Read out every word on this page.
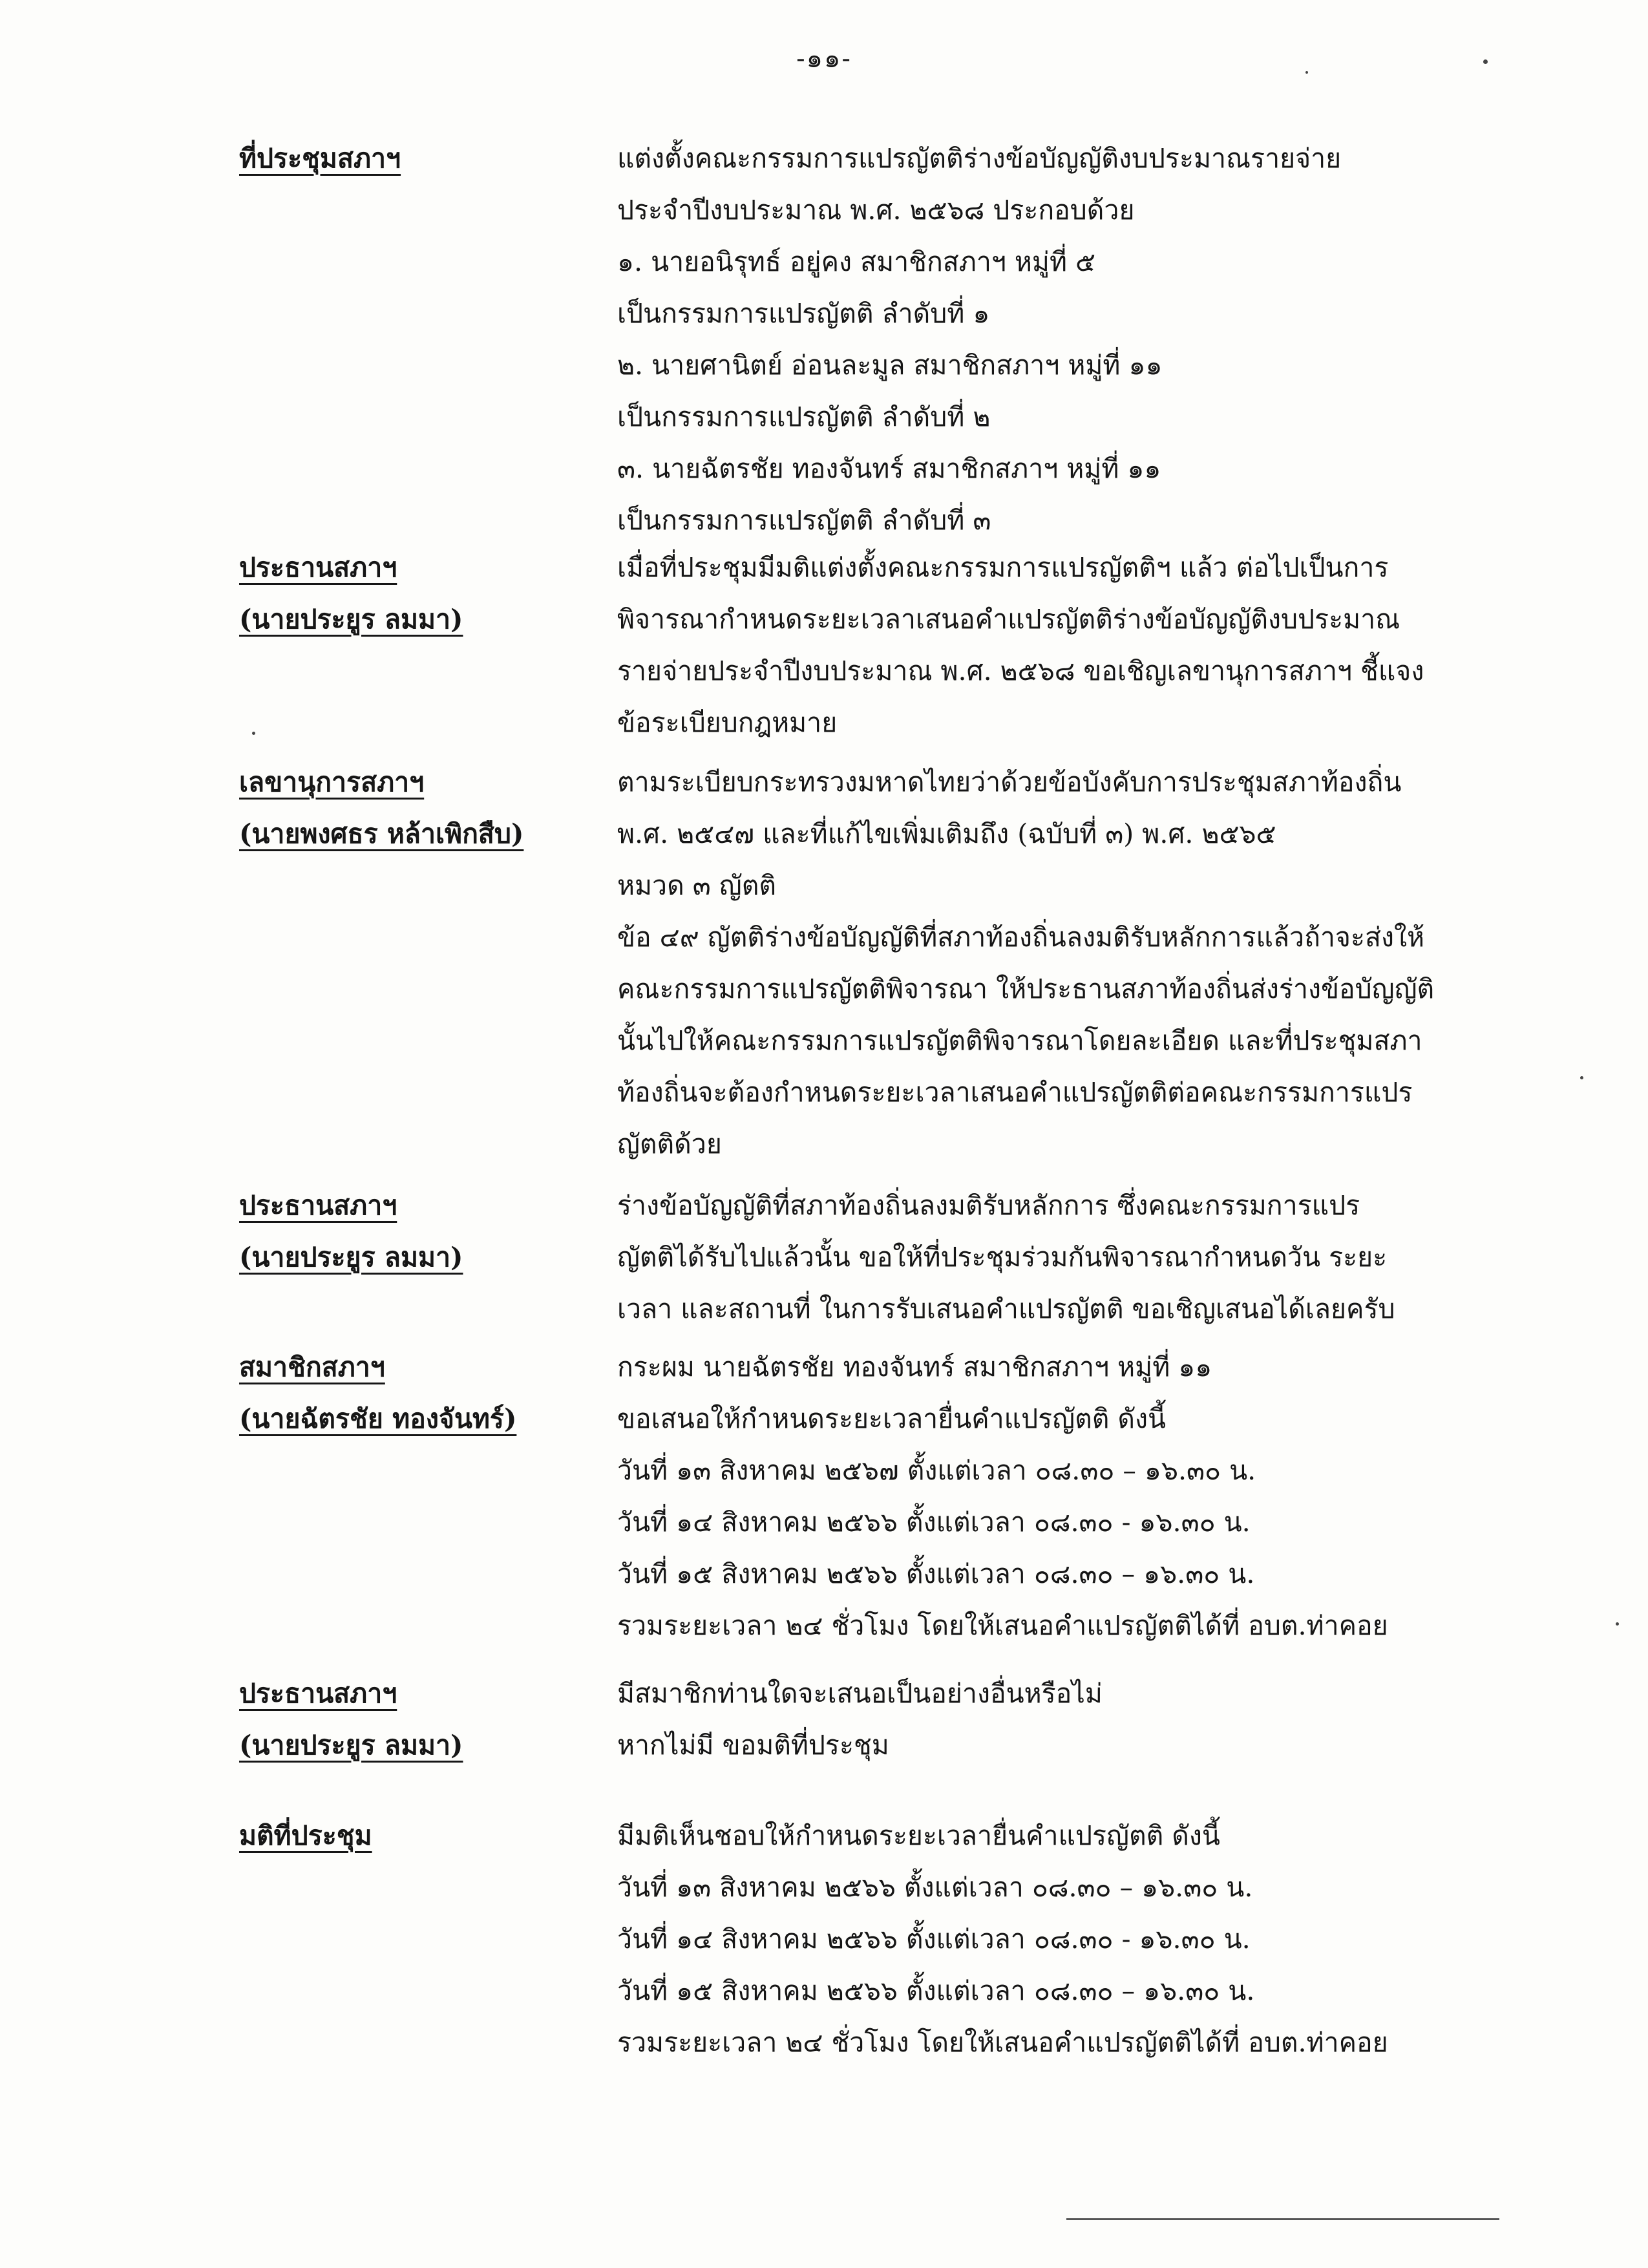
-๑๑-
ที่ประชุมสภาฯ	แต่งตั้งคณะกรรมการแปรญัตติร่างข้อบัญญัติงบประมาณรายจ่าย
ประจำปีงบประมาณ พ.ศ. ๒๕๖๘ ประกอบด้วย
๑. นายอนิรุทธ์ อยู่คง สมาชิกสภาฯ หมู่ที่ ๕
เป็นกรรมการแปรญัตติ ลำดับที่ ๑
๒. นายศานิตย์ อ่อนละมูล สมาชิกสภาฯ หมู่ที่ ๑๑
เป็นกรรมการแปรญัตติ ลำดับที่ ๒
๓. นายฉัตรชัย ทองจันทร์ สมาชิกสภาฯ หมู่ที่ ๑๑
เป็นกรรมการแปรญัตติ ลำดับที่ ๓
ประธานสภาฯ
(นายประยูร ลมมา)
เมื่อที่ประชุมมีมติแต่งตั้งคณะกรรมการแปรญัตติฯ แล้ว ต่อไปเป็นการ
พิจารณากำหนดระยะเวลาเสนอคำแปรญัตติร่างข้อบัญญัติงบประมาณ
รายจ่ายประจำปีงบประมาณ พ.ศ. ๒๕๖๘ ขอเชิญเลขานุการสภาฯ ชี้แจง
ข้อระเบียบกฎหมาย
เลขานุการสภาฯ
(นายพงศธร หล้าเพิกสืบ)
ตามระเบียบกระทรวงมหาดไทยว่าด้วยข้อบังคับการประชุมสภาท้องถิ่น
พ.ศ. ๒๕๔๗ และที่แก้ไขเพิ่มเติมถึง (ฉบับที่ ๓) พ.ศ. ๒๕๖๕
หมวด ๓ ญัตติ
ข้อ ๔๙ ญัตติร่างข้อบัญญัติที่สภาท้องถิ่นลงมติรับหลักการแล้วถ้าจะส่งให้
คณะกรรมการแปรญัตติพิจารณา ให้ประธานสภาท้องถิ่นส่งร่างข้อบัญญัติ
นั้นไปให้คณะกรรมการแปรญัตติพิจารณาโดยละเอียด และที่ประชุมสภา
ท้องถิ่นจะต้องกำหนดระยะเวลาเสนอคำแปรญัตติต่อคณะกรรมการแปร
ญัตติด้วย
ประธานสภาฯ
(นายประยูร ลมมา)
ร่างข้อบัญญัติที่สภาท้องถิ่นลงมติรับหลักการ ซึ่งคณะกรรมการแปร
ญัตติได้รับไปแล้วนั้น ขอให้ที่ประชุมร่วมกันพิจารณากำหนดวัน ระยะ
เวลา และสถานที่ ในการรับเสนอคำแปรญัตติ ขอเชิญเสนอได้เลยครับ
สมาชิกสภาฯ
(นายฉัตรชัย ทองจันทร์)
กระผม นายฉัตรชัย ทองจันทร์ สมาชิกสภาฯ หมู่ที่ ๑๑
ขอเสนอให้กำหนดระยะเวลายื่นคำแปรญัตติ ดังนี้
วันที่ ๑๓ สิงหาคม ๒๕๖๗ ตั้งแต่เวลา ๐๘.๓๐ – ๑๖.๓๐ น.
วันที่ ๑๔ สิงหาคม ๒๕๖๖ ตั้งแต่เวลา ๐๘.๓๐ - ๑๖.๓๐ น.
วันที่ ๑๕ สิงหาคม ๒๕๖๖ ตั้งแต่เวลา ๐๘.๓๐ – ๑๖.๓๐ น.
รวมระยะเวลา ๒๔ ชั่วโมง โดยให้เสนอคำแปรญัตติได้ที่ อบต.ท่าคอย
ประธานสภาฯ
(นายประยูร ลมมา)
มีสมาชิกท่านใดจะเสนอเป็นอย่างอื่นหรือไม่
หากไม่มี ขอมติที่ประชุม
มติที่ประชุม	มีมติเห็นชอบให้กำหนดระยะเวลายื่นคำแปรญัตติ ดังนี้
วันที่ ๑๓ สิงหาคม ๒๕๖๖ ตั้งแต่เวลา ๐๘.๓๐ – ๑๖.๓๐ น.
วันที่ ๑๔ สิงหาคม ๒๕๖๖ ตั้งแต่เวลา ๐๘.๓๐ - ๑๖.๓๐ น.
วันที่ ๑๕ สิงหาคม ๒๕๖๖ ตั้งแต่เวลา ๐๘.๓๐ – ๑๖.๓๐ น.
รวมระยะเวลา ๒๔ ชั่วโมง โดยให้เสนอคำแปรญัตติได้ที่ อบต.ท่าคอย
